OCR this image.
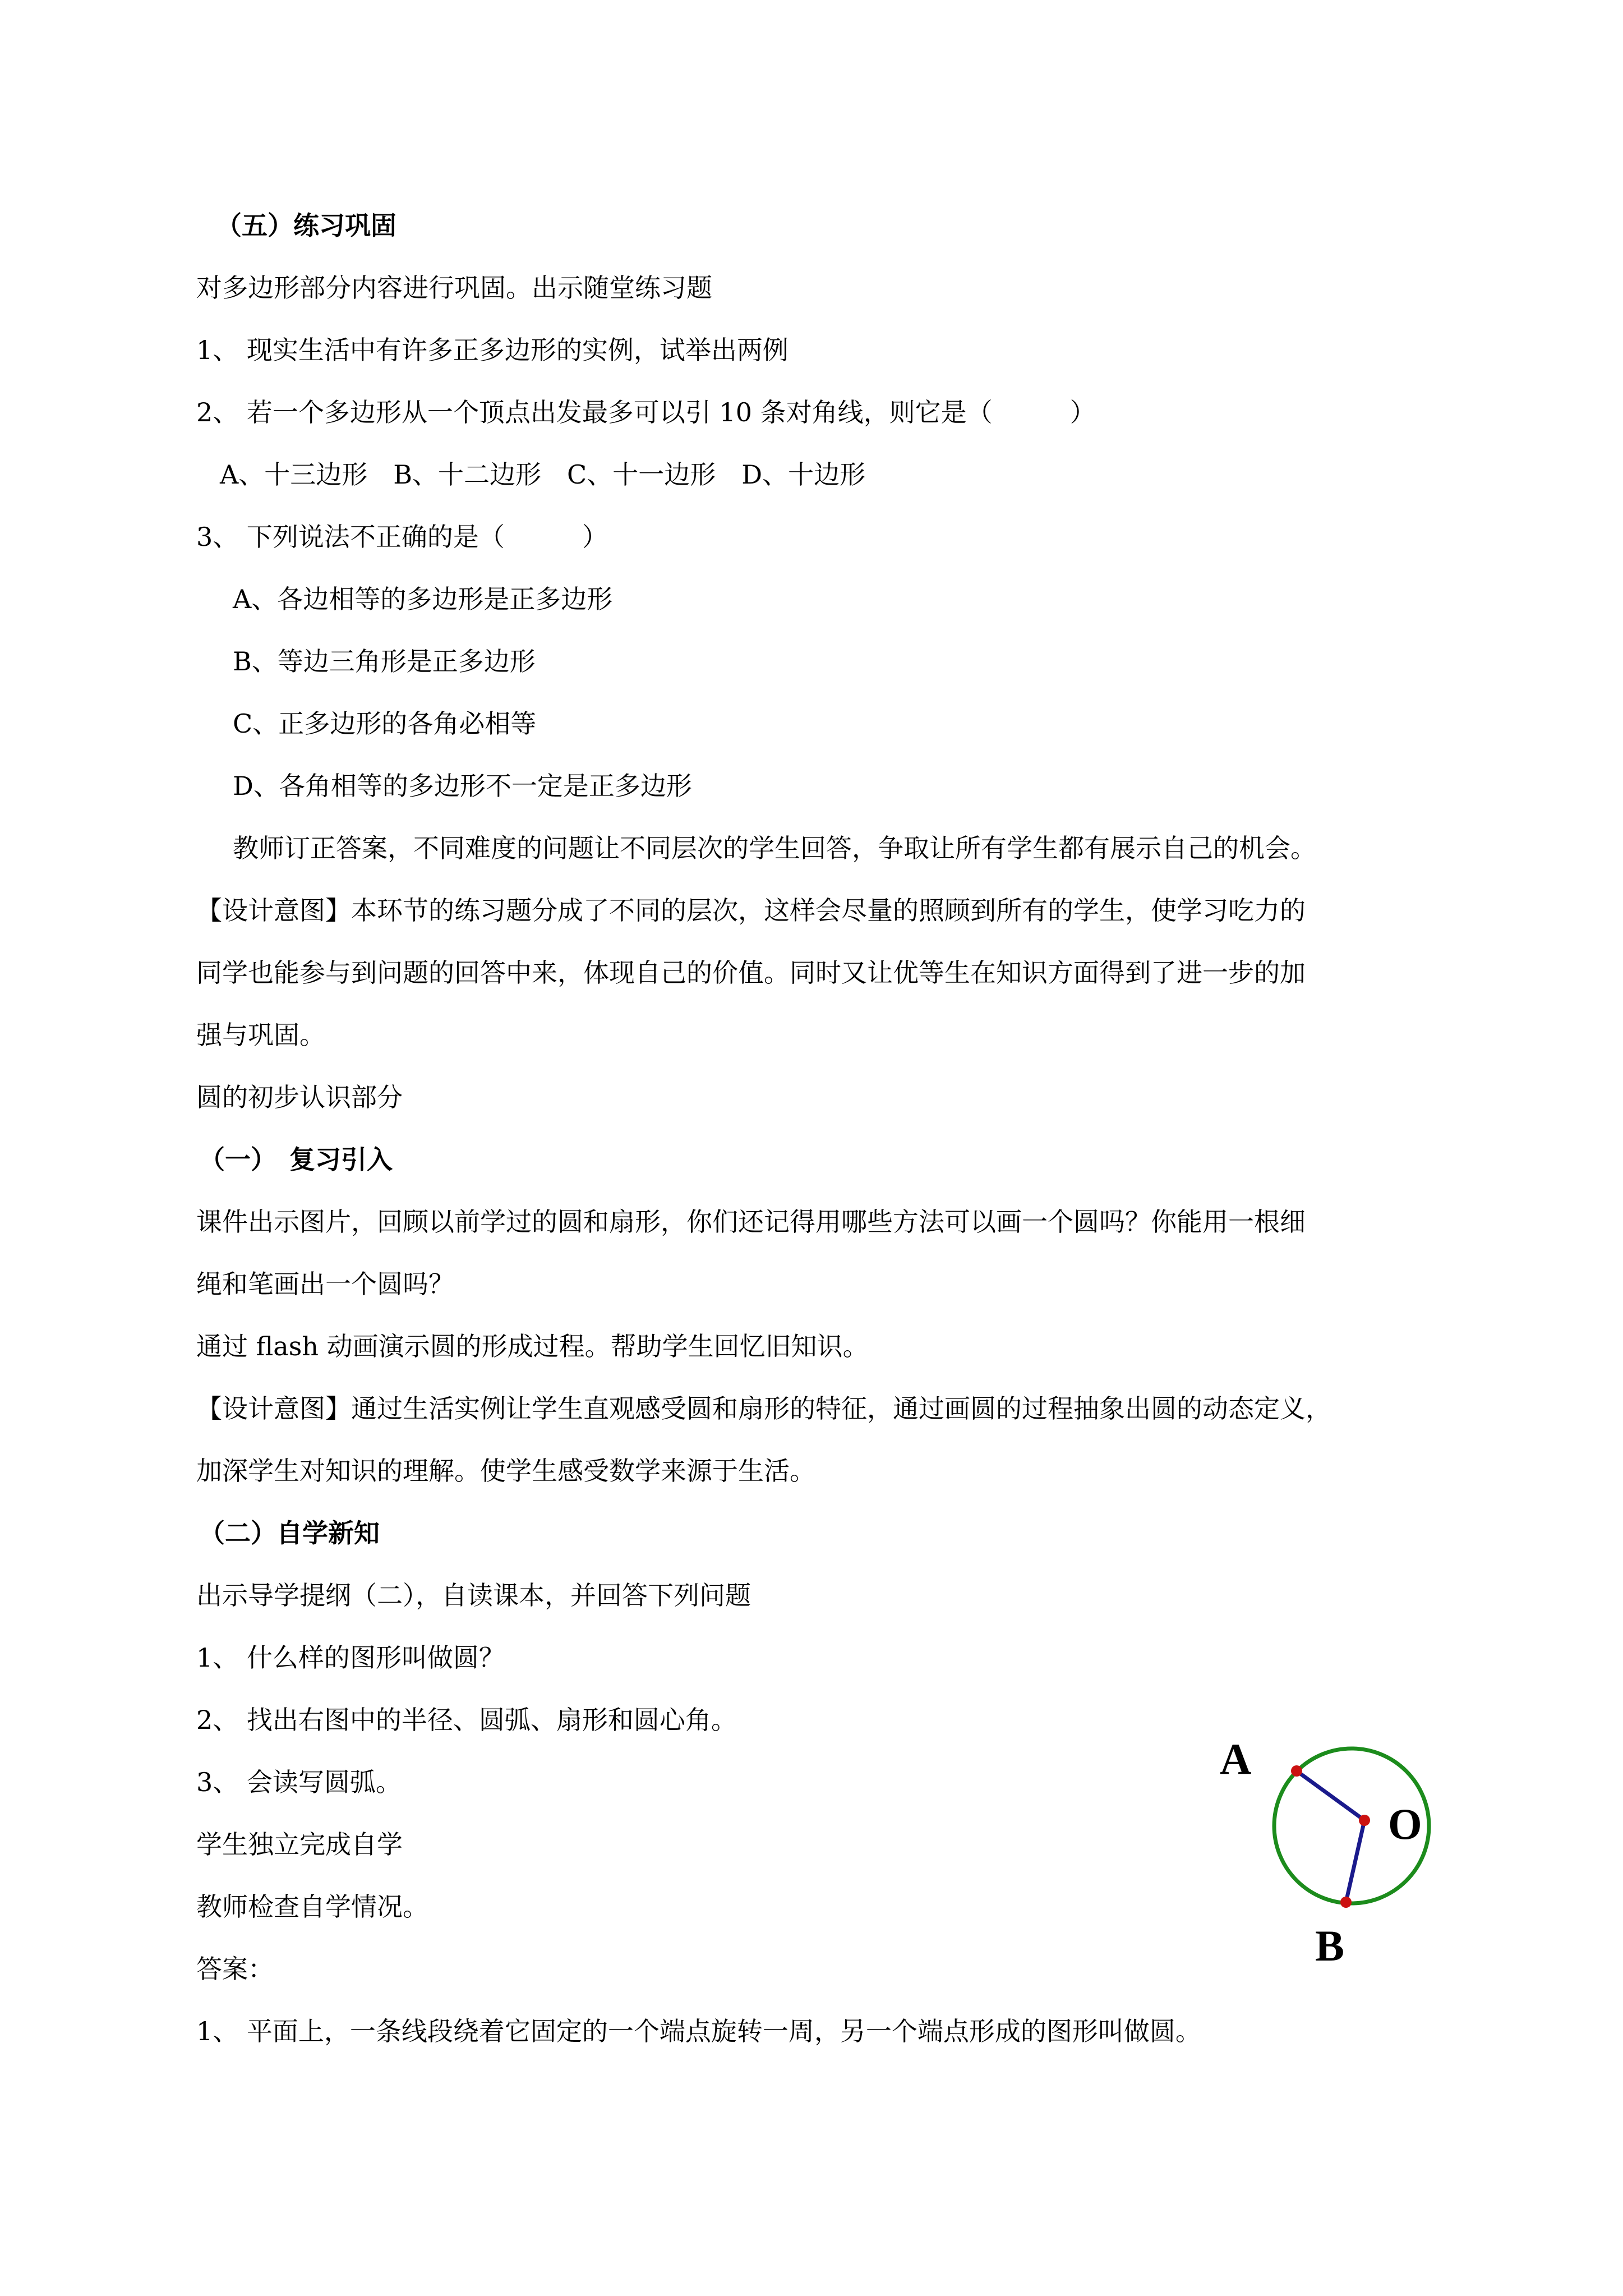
（五）练习巩固

对多边形部分内容进行巩固。出示随堂练习题

1、 现实生活中有许多正多边形的实例，试举出两例

2、 若一个多边形从一个顶点出发最多可以引 10 条对角线，则它是（　　　）

A、十三边形　B、十二边形　C、十一边形　D、十边形

3、 下列说法不正确的是（　　　）

A、各边相等的多边形是正多边形

B、等边三角形是正多边形

C、正多边形的各角必相等

D、各角相等的多边形不一定是正多边形

教师订正答案，不同难度的问题让不同层次的学生回答，争取让所有学生都有展示自己的机会。

【设计意图】本环节的练习题分成了不同的层次，这样会尽量的照顾到所有的学生，使学习吃力的

同学也能参与到问题的回答中来，体现自己的价值。同时又让优等生在知识方面得到了进一步的加

强与巩固。

圆的初步认识部分

（一）　复习引入

课件出示图片，回顾以前学过的圆和扇形，你们还记得用哪些方法可以画一个圆吗？你能用一根细

绳和笔画出一个圆吗？

通过 flash 动画演示圆的形成过程。帮助学生回忆旧知识。

【设计意图】通过生活实例让学生直观感受圆和扇形的特征，通过画圆的过程抽象出圆的动态定义，

加深学生对知识的理解。使学生感受数学来源于生活。

（二）自学新知

出示导学提纲（二），自读课本，并回答下列问题

1、 什么样的图形叫做圆？

2、 找出右图中的半径、圆弧、扇形和圆心角。

3、 会读写圆弧。

学生独立完成自学

教师检查自学情况。

答案：

1、 平面上，一条线段绕着它固定的一个端点旋转一周，另一个端点形成的图形叫做圆。

A
O
B
